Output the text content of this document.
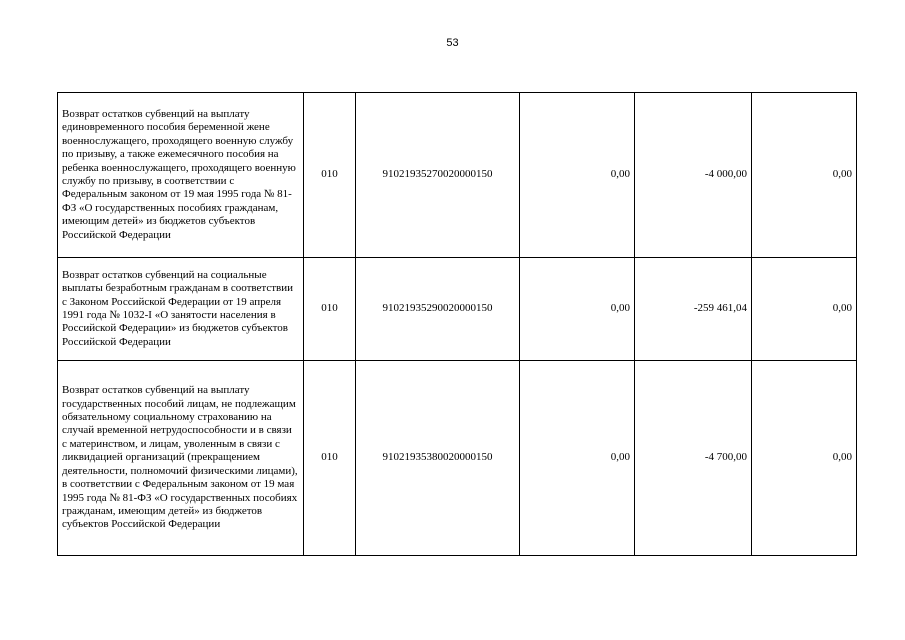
53
Возврат остатков субвенций на выплату единовременного пособия беременной жене военнослужащего, проходящего военную службу по призыву, а также ежемесячного пособия на ребенка военнослужащего, проходящего военную службу по призыву, в соответствии с Федеральным законом от 19 мая 1995 года № 81-ФЗ «О государственных пособиях гражданам, имеющим детей» из бюджетов субъектов Российской Федерации	010	91021935270020000150	0,00	-4 000,00	0,00
Возврат остатков субвенций на социальные выплаты безработным гражданам в соответствии с Законом Российской Федерации от 19 апреля 1991 года № 1032-I «О занятости населения в Российской Федерации» из бюджетов субъектов Российской Федерации	010	91021935290020000150	0,00	-259 461,04	0,00
Возврат остатков субвенций на выплату государственных пособий лицам, не подлежащим обязательному социальному страхованию на случай временной нетрудоспособности и в связи с материнством, и лицам, уволенным в связи с ликвидацией организаций (прекращением деятельности, полномочий физическими лицами), в соответствии с Федеральным законом от 19 мая 1995 года № 81-ФЗ «О государственных пособиях гражданам, имеющим детей» из бюджетов субъектов Российской Федерации	010	91021935380020000150	0,00	-4 700,00	0,00
